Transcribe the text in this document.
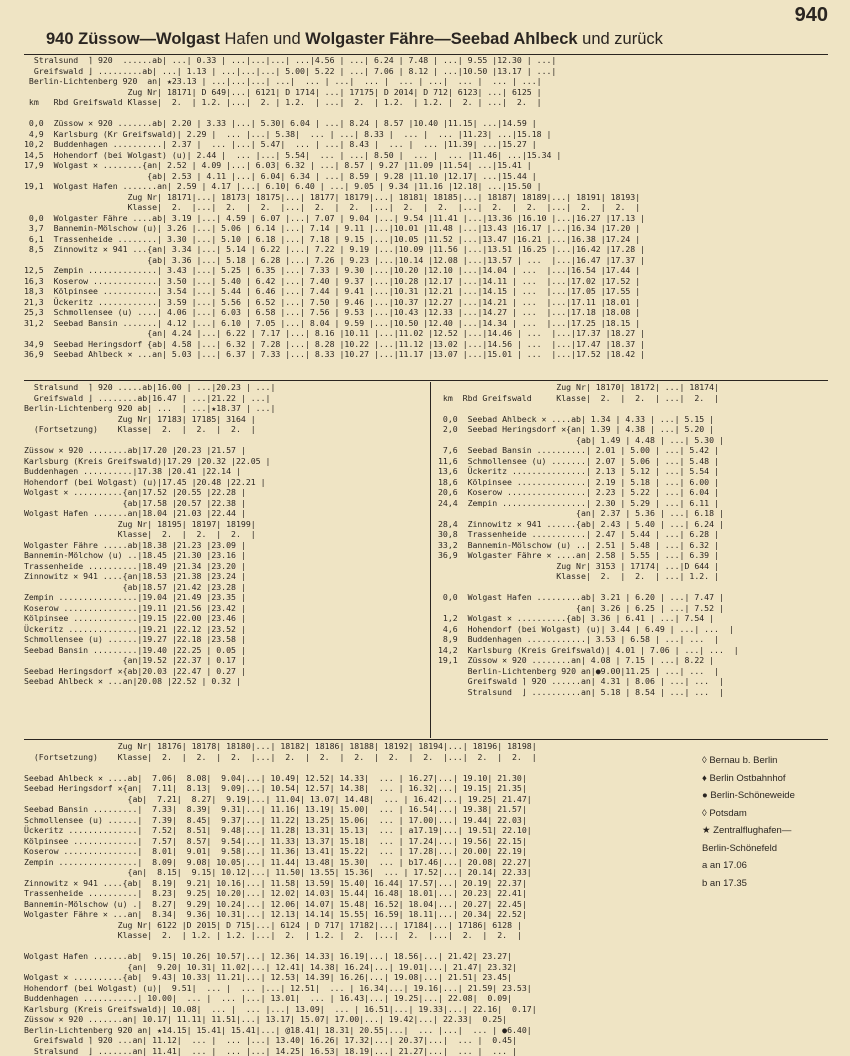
940
940 Züssow—Wolgast Hafen und Wolgaster Fähre—Seebad Ahlbeck und zurück
Stralsund  ⌉ 920  ......ab| ...| 0.33 | ...|...|...| ...|4.56 | ...| 6.24 | 7.48 | ...| 9.55 |12.30 | ...|
Greifswald ⌋ .........ab| ...| 1.13 | ...|...|...| 5.00| 5.22 | ...| 7.06 | 8.12 | ...|10.50 |13.17 | ...|
Berlin-Lichtenberg 920  an| ★23.13 | ...|...|...| ...|  ... | ...|  ... |  ... | ...|  ... |  ... | ...|
Zug Nr| 18171| D 649|...| 6121| D 1714| ...| 17175| D 2014| D 712| 6123| ...| 6125 |
km   Rbd Greifswald Klasse|  2.  | 1.2. |...|  2. | 1.2.  | ...|  2.  | 1.2.  | 1.2. |  2. | ...|  2.  |

0,0  Züssow ✕ 920 .......ab| 2.20 | 3.33 |...| 5.30| 6.04 | ...| 8.24 | 8.57 |10.40 |11.15| ...|14.59 |
4,9  Karlsburg (Kr Greifswald)| 2.29 |  ... |...| 5.38|  ... | ...| 8.33 |  ... |  ... |11.23| ...|15.18 |
10,2  Buddenhagen ..........| 2.37 |  ... |...| 5.47|  ... | ...| 8.43 |  ... |  ... |11.39| ...|15.27 |
14,5  Hohendorf (bei Wolgast) (u)| 2.44 |  ... |...| 5.54|  ... | ...| 8.50 |  ... |  ... |11.46| ...|15.34 |
17,9  Wolgast ✕ ........{an| 2.52 | 4.09 |...| 6.03| 6.32 | ...| 8.57 | 9.27 |11.09 |11.54| ...|15.41 |
{ab| 2.53 | 4.11 |...| 6.04| 6.34 | ...| 8.59 | 9.28 |11.10 |12.17| ...|15.44 |
19,1  Wolgast Hafen .......an| 2.59 | 4.17 |...| 6.10| 6.40 | ...| 9.05 | 9.34 |11.16 |12.18| ...|15.50 |
Zug Nr| 18171|...| 18173| 18175|...| 18177| 18179|...| 18181| 18185|...| 18187| 18189|...| 18191| 18193|
Klasse|  2.  |...|  2.  |  2.  |...|  2.  |  2.  |...|  2.  |  2.  |...|  2.  |  2.  |...|  2.  |  2.  |
0,0  Wolgaster Fähre ....ab| 3.19 |...| 4.59 | 6.07 |...| 7.07 | 9.04 |...| 9.54 |11.41 |...|13.36 |16.10 |...|16.27 |17.13 |
3,7  Bannemin-Mölschow (u)| 3.26 |...| 5.06 | 6.14 |...| 7.14 | 9.11 |...|10.01 |11.48 |...|13.43 |16.17 |...|16.34 |17.20 |
6,1  Trassenheide ........| 3.30 |...| 5.10 | 6.18 |...| 7.18 | 9.15 |...|10.05 |11.52 |...|13.47 |16.21 |...|16.38 |17.24 |
8,5  Zinnowitz ✕ 941 ...{an| 3.34 |...| 5.14 | 6.22 |...| 7.22 | 9.19 |...|10.09 |11.56 |...|13.51 |16.25 |...|16.42 |17.28 |
{ab| 3.36 |...| 5.18 | 6.28 |...| 7.26 | 9.23 |...|10.14 |12.08 |...|13.57 | ...  |...|16.47 |17.37 |
12,5  Zempin ..............| 3.43 |...| 5.25 | 6.35 |...| 7.33 | 9.30 |...|10.20 |12.10 |...|14.04 | ...  |...|16.54 |17.44 |
16,3  Koserow .............| 3.50 |...| 5.40 | 6.42 |...| 7.40 | 9.37 |...|10.28 |12.17 |...|14.11 | ...  |...|17.02 |17.52 |
18,3  Kölpinsee ...........| 3.54 |...| 5.44 | 6.46 |...| 7.44 | 9.41 |...|10.31 |12.21 |...|14.15 | ...  |...|17.05 |17.55 |
21,3  Ückeritz ............| 3.59 |...| 5.56 | 6.52 |...| 7.50 | 9.46 |...|10.37 |12.27 |...|14.21 | ...  |...|17.11 |18.01 |
25,3  Schmollensee (u) ....| 4.06 |...| 6.03 | 6.58 |...| 7.56 | 9.53 |...|10.43 |12.33 |...|14.27 | ...  |...|17.18 |18.08 |
31,2  Seebad Bansin .......| 4.12 |...| 6.10 | 7.05 |...| 8.04 | 9.59 |...|10.50 |12.40 |...|14.34 | ...  |...|17.25 |18.15 |
{an| 4.24 |...| 6.22 | 7.17 |...| 8.16 |10.11 |...|11.02 |12.52 |...|14.46 | ...  |...|17.37 |18.27 |
34,9  Seebad Heringsdorf {ab| 4.58 |...| 6.32 | 7.28 |...| 8.28 |10.22 |...|11.12 |13.02 |...|14.56 | ...  |...|17.47 |18.37 |
36,9  Seebad Ahlbeck ✕ ...an| 5.03 |...| 6.37 | 7.33 |...| 8.33 |10.27 |...|11.17 |13.07 |...|15.01 | ...  |...|17.52 |18.42 |
Stralsund  ⌉ 920 .....ab|16.00 | ...|20.23 | ...|
Greifswald ⌋ ........ab|16.47 | ...|21.22 | ...|
Berlin-Lichtenberg 920 ab| ...  | ...|★18.37 | ...|
Zug Nr| 17183| 17185| 3164 |
(Fortsetzung)    Klasse|  2.  |  2.  |  2.  |

Züssow ✕ 920 ........ab|17.20 |20.23 |21.57 |
Karlsburg (Kreis Greifswald)|17.29 |20.32 |22.05 |
Buddenhagen ..........|17.38 |20.41 |22.14 |
Hohendorf (bei Wolgast) (u)|17.45 |20.48 |22.21 |
Wolgast ✕ ..........{an|17.52 |20.55 |22.28 |
{ab|17.58 |20.57 |22.38 |
Wolgast Hafen .......an|18.04 |21.03 |22.44 |
Zug Nr| 18195| 18197| 18199|
Klasse|  2.  |  2.  |  2.  |
Wolgaster Fähre .....ab|18.38 |21.23 |23.09 |
Bannemin-Mölchow (u) ..|18.45 |21.30 |23.16 |
Trassenheide ..........|18.49 |21.34 |23.20 |
Zinnowitz ✕ 941 ....{an|18.53 |21.38 |23.24 |
{ab|18.57 |21.42 |23.28 |
Zempin ................|19.04 |21.49 |23.35 |
Koserow ...............|19.11 |21.56 |23.42 |
Kölpinsee .............|19.15 |22.00 |23.46 |
Ückeritz ..............|19.21 |22.12 |23.52 |
Schmollensee (u) ......|19.27 |22.18 |23.58 |
Seebad Bansin .........|19.40 |22.25 | 0.05 |
{an|19.52 |22.37 | 0.17 |
Seebad Heringsdorf ✕{ab|20.03 |22.47 | 0.27 |
Seebad Ahlbeck ✕ ...an|20.08 |22.52 | 0.32 |
Zug Nr| 18170| 18172| ...| 18174|
km  Rbd Greifswald     Klasse|  2.  |  2.  | ...|  2.  |

0,0  Seebad Ahlbeck ✕ ....ab| 1.34 | 4.33 | ...| 5.15 |
2,0  Seebad Heringsdorf ✕{an| 1.39 | 4.38 | ...| 5.20 |
{ab| 1.49 | 4.48 | ...| 5.30 |
7,6  Seebad Bansin ..........| 2.01 | 5.00 | ...| 5.42 |
11,6  Schmollensee (u) .......| 2.07 | 5.06 | ...| 5.48 |
13,6  Ückeritz ...............| 2.13 | 5.12 | ...| 5.54 |
18,6  Kölpinsee ..............| 2.19 | 5.18 | ...| 6.00 |
20,6  Koserow ................| 2.23 | 5.22 | ...| 6.04 |
24,4  Zempin .................| 2.30 | 5.29 | ...| 6.11 |
{an| 2.37 | 5.36 | ...| 6.18 |
28,4  Zinnowitz ✕ 941 ......{ab| 2.43 | 5.40 | ...| 6.24 |
30,8  Trassenheide ...........| 2.47 | 5.44 | ...| 6.28 |
33,2  Bannemin-Mölschow (u) ..| 2.51 | 5.48 | ...| 6.32 |
36,9  Wolgaster Fähre ✕ ....an| 2.58 | 5.55 | ...| 6.39 |
Zug Nr| 3153 | 17174| ...|D 644 |
Klasse|  2.  |  2.  | ...| 1.2. |

0,0  Wolgast Hafen .........ab| 3.21 | 6.20 | ...| 7.47 |
{an| 3.26 | 6.25 | ...| 7.52 |
1,2  Wolgast ✕ ..........{ab| 3.36 | 6.41 | ...| 7.54 |
4,6  Hohendorf (bei Wolgast) (u)| 3.44 | 6.49 | ...| ...  |
8,9  Buddenhagen ............| 3.53 | 6.58 | ...| ...  |
14,2  Karlsburg (Kreis Greifswald)| 4.01 | 7.06 | ...| ...  |
19,1  Züssow ✕ 920 ........an| 4.08 | 7.15 | ...| 8.22 |
Berlin-Lichtenberg 920 an|●9.00|11.25 | ...| ...  |
Greifswald ⌉ 920 ......an| 4.31 | 8.06 | ...| ...  |
Stralsund  ⌋ ..........an| 5.18 | 8.54 | ...| ...  |
Zug Nr| 18176| 18178| 18180|...| 18182| 18186| 18188| 18192| 18194|...| 18196| 18198|
(Fortsetzung)    Klasse|  2.  |  2.  |  2.  |...|  2.  |  2.  |  2.  |  2.  |  2.  |...|  2.  |  2.  |

Seebad Ahlbeck ✕ ....ab|  7.06|  8.08|  9.04|...| 10.49| 12.52| 14.33|  ... | 16.27|...| 19.10| 21.30|
Seebad Heringsdorf ✕{an|  7.11|  8.13|  9.09|...| 10.54| 12.57| 14.38|  ... | 16.32|...| 19.15| 21.35|
{ab|  7.21|  8.27|  9.19|...| 11.04| 13.07| 14.48|  ... | 16.42|...| 19.25| 21.47|
Seebad Bansin .........|  7.33|  8.39|  9.31|...| 11.16| 13.19| 15.00|  ... | 16.54|...| 19.38| 21.57|
Schmollensee (u) ......|  7.39|  8.45|  9.37|...| 11.22| 13.25| 15.06|  ... | 17.00|...| 19.44| 22.03|
Ückeritz ..............|  7.52|  8.51|  9.48|...| 11.28| 13.31| 15.13|  ... | a17.19|...| 19.51| 22.10|
Kölpinsee .............|  7.57|  8.57|  9.54|...| 11.33| 13.37| 15.18|  ... | 17.24|...| 19.56| 22.15|
Koserow ...............|  8.01|  9.01|  9.58|...| 11.36| 13.41| 15.22|  ... | 17.28|...| 20.00| 22.19|
Zempin ................|  8.09|  9.08| 10.05|...| 11.44| 13.48| 15.30|  ... | b17.46|...| 20.08| 22.27|
{an|  8.15|  9.15| 10.12|...| 11.50| 13.55| 15.36|  ... | 17.52|...| 20.14| 22.33|
Zinnowitz ✕ 941 ....{ab|  8.19|  9.21| 10.16|...| 11.58| 13.59| 15.40| 16.44| 17.57|...| 20.19| 22.37|
Trassenheide ..........|  8.23|  9.25| 10.20|...| 12.02| 14.03| 15.44| 16.48| 18.01|...| 20.23| 22.41|
Bannemin-Mölschow (u) .|  8.27|  9.29| 10.24|...| 12.06| 14.07| 15.48| 16.52| 18.04|...| 20.27| 22.45|
Wolgaster Fähre ✕ ...an|  8.34|  9.36| 10.31|...| 12.13| 14.14| 15.55| 16.59| 18.11|...| 20.34| 22.52|
Zug Nr| 6122 |D 2015| D 715|...| 6124 | D 717| 17182|...| 17184|...| 17186| 6128 |
Klasse|  2.  | 1.2. | 1.2. |...|  2.  | 1.2. |  2.  |...|  2.  |...|  2.  |  2.  |

Wolgast Hafen .......ab|  9.15| 10.26| 10.57|...| 12.36| 14.33| 16.19|...| 18.56|...| 21.42| 23.27|
{an|  9.20| 10.31| 11.02|...| 12.41| 14.38| 16.24|...| 19.01|...| 21.47| 23.32|
Wolgast ✕ ..........{ab|  9.43| 10.33| 11.21|...| 12.53| 14.39| 16.26|...| 19.08|...| 21.51| 23.45|
Hohendorf (bei Wolgast) (u)|  9.51|  ... |  ... |...| 12.51|  ... | 16.34|...| 19.16|...| 21.59| 23.53|
Buddenhagen ...........| 10.00|  ... |  ... |...| 13.01|  ... | 16.43|...| 19.25|...| 22.08|  0.09|
Karlsburg (Kreis Greifswald)| 10.08|  ... |  ... |...| 13.09|  ... | 16.51|...| 19.33|...| 22.16|  0.17|
Züssow ✕ 920 .......an| 10.17| 11.11| 11.51|...| 13.17| 15.07| 17.00|...| 19.42|...| 22.33|  0.25|
Berlin-Lichtenberg 920 an| ★14.15| 15.41| 15.41|...| @18.41| 18.31| 20.55|...|  ... |...|  ... | ●6.40|
Greifswald ⌉ 920 ...an| 11.12|  ... |  ... |...| 13.40| 16.26| 17.32|...| 20.37|...|  ... |  0.45|
Stralsund  ⌋ .......an| 11.41|  ... |  ... |...| 14.25| 16.53| 18.19|...| 21.27|...|  ... |  ... |
◊ Bernau b. Berlin
♦ Berlin Ostbahnhof
● Berlin-Schöneweide
◊ Potsdam
★ Zentralflughafen—
Berlin-Schönefeld
a an 17.06
b an 17.35
